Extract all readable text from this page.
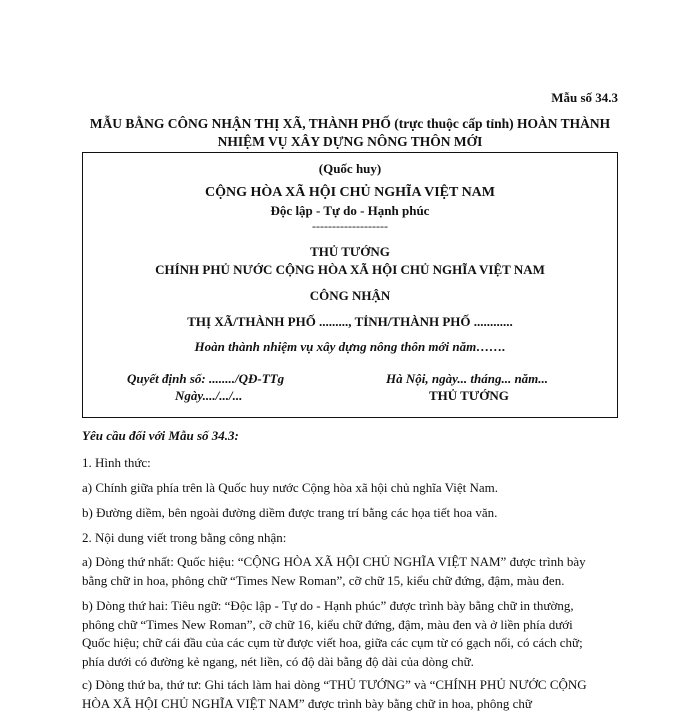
Mẫu số 34.3
MẪU BẰNG CÔNG NHẬN THỊ XÃ, THÀNH PHỐ (trực thuộc cấp tỉnh) HOÀN THÀNH
NHIỆM VỤ XÂY DỰNG NÔNG THÔN MỚI
(Quốc huy)
CỘNG HÒA XÃ HỘI CHỦ NGHĨA VIỆT NAM
Độc lập - Tự do - Hạnh phúc
-------------------
THỦ TƯỚNG
CHÍNH PHỦ NƯỚC CỘNG HÒA XÃ HỘI CHỦ NGHĨA VIỆT NAM
CÔNG NHẬN
THỊ XÃ/THÀNH PHỐ ........., TỈNH/THÀNH PHỐ ............
Hoàn thành nhiệm vụ xây dựng nông thôn mới năm…….
Quyết định số: ......../QĐ-TTg
Ngày..../.../...
Hà Nội, ngày... tháng... năm...
THỦ TƯỚNG
Yêu cầu đối với Mẫu số 34.3:
1. Hình thức:
a) Chính giữa phía trên là Quốc huy nước Cộng hòa xã hội chủ nghĩa Việt Nam.
b) Đường diềm, bên ngoài đường diềm được trang trí bằng các họa tiết hoa văn.
2. Nội dung viết trong bằng công nhận:
a) Dòng thứ nhất: Quốc hiệu: “CỘNG HÒA XÃ HỘI CHỦ NGHĨA VIỆT NAM” được trình bày
bằng chữ in hoa, phông chữ “Times New Roman”, cỡ chữ 15, kiểu chữ đứng, đậm, màu đen.
b) Dòng thứ hai: Tiêu ngữ: “Độc lập - Tự do - Hạnh phúc” được trình bày bằng chữ in thường,
phông chữ “Times New Roman”, cỡ chữ 16, kiểu chữ đứng, đậm, màu đen và ở liền phía dưới
Quốc hiệu; chữ cái đầu của các cụm từ được viết hoa, giữa các cụm từ có gạch nối, có cách chữ;
phía dưới có đường kẻ ngang, nét liền, có độ dài bằng độ dài của dòng chữ.
c) Dòng thứ ba, thứ tư: Ghi tách làm hai dòng “THỦ TƯỚNG” và “CHÍNH PHỦ NƯỚC CỘNG
HÒA XÃ HỘI CHỦ NGHĨA VIỆT NAM” được trình bày bằng chữ in hoa, phông chữ
